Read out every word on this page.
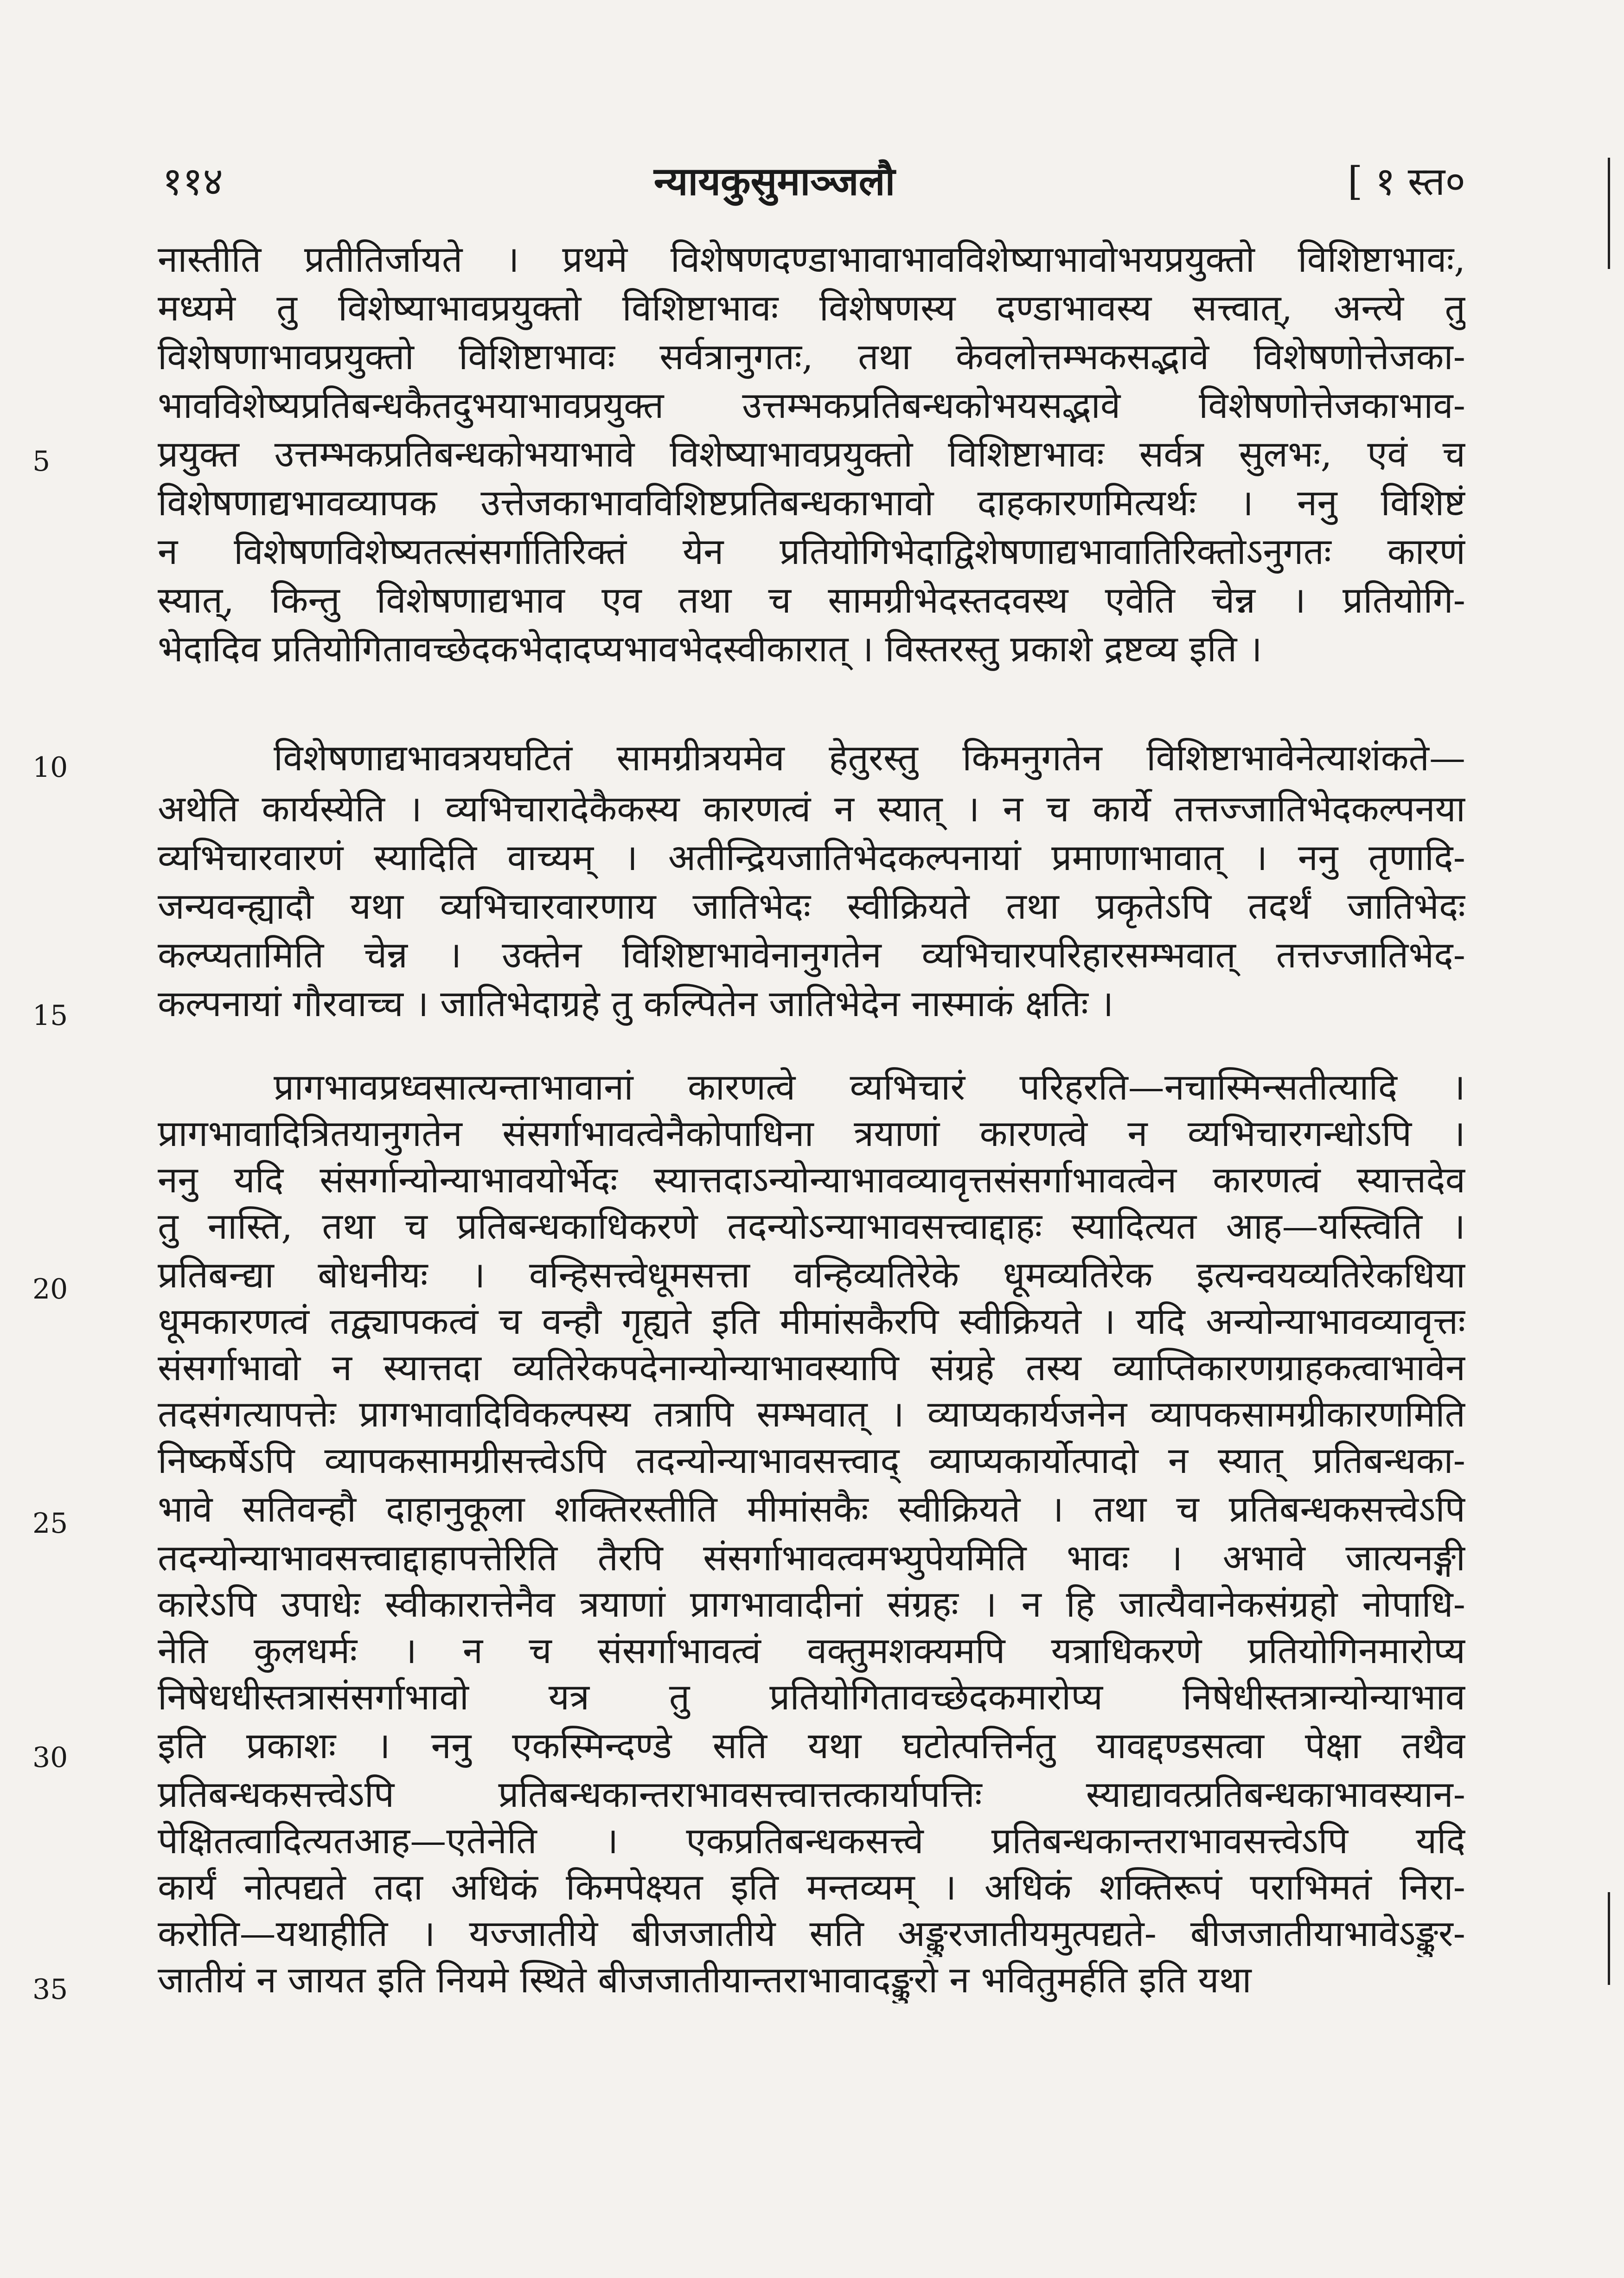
११४	न्यायकुसुमाञ्जलौ	[ १ स्त०
नास्तीति प्रतीतिर्जायते । प्रथमे विशेषणदण्डाभावाभावविशेष्याभावोभयप्रयुक्तो विशिष्टाभावः,
मध्यमे तु विशेष्याभावप्रयुक्तो विशिष्टाभावः विशेषणस्य दण्डाभावस्य सत्त्वात्, अन्त्ये तु
विशेषणाभावप्रयुक्तो विशिष्टाभावः सर्वत्रानुगतः, तथा केवलोत्तम्भकसद्भावे विशेषणोत्तेजका-
भावविशेष्यप्रतिबन्धकैतदुभयाभावप्रयुक्त उत्तम्भकप्रतिबन्धकोभयसद्भावे विशेषणोत्तेजकाभाव-
प्रयुक्त उत्तम्भकप्रतिबन्धकोभयाभावे विशेष्याभावप्रयुक्तो विशिष्टाभावः सर्वत्र सुलभः, एवं च
विशेषणाद्यभावव्यापक उत्तेजकाभावविशिष्टप्रतिबन्धकाभावो दाहकारणमित्यर्थः । ननु विशिष्टं
न विशेषणविशेष्यतत्संसर्गातिरिक्तं येन प्रतियोगिभेदाद्विशेषणाद्यभावातिरिक्तोऽनुगतः कारणं
स्यात्, किन्तु विशेषणाद्यभाव एव तथा च सामग्रीभेदस्तदवस्थ एवेति चेन्न । प्रतियोगि-
भेदादिव प्रतियोगितावच्छेदकभेदादप्यभावभेदस्वीकारात् । विस्तरस्तु प्रकाशे द्रष्टव्य इति ।
विशेषणाद्यभावत्रयघटितं सामग्रीत्रयमेव हेतुरस्तु किमनुगतेन विशिष्टाभावेनेत्याशंकते—
अथेति कार्यस्येति । व्यभिचारादेकैकस्य कारणत्वं न स्यात् । न च कार्ये तत्तज्जातिभेदकल्पनया
व्यभिचारवारणं स्यादिति वाच्यम् । अतीन्द्रियजातिभेदकल्पनायां प्रमाणाभावात् । ननु तृणादि-
जन्यवन्ह्यादौ यथा व्यभिचारवारणाय जातिभेदः स्वीक्रियते तथा प्रकृतेऽपि तदर्थं जातिभेदः
कल्प्यतामिति चेन्न । उक्तेन विशिष्टाभावेनानुगतेन व्यभिचारपरिहारसम्भवात् तत्तज्जातिभेद-
कल्पनायां गौरवाच्च । जातिभेदाग्रहे तु कल्पितेन जातिभेदेन नास्माकं क्षतिः ।
प्रागभावप्रध्वसात्यन्ताभावानां कारणत्वे व्यभिचारं परिहरति—नचास्मिन्सतीत्यादि ।
प्रागभावादित्रितयानुगतेन संसर्गाभावत्वेनैकोपाधिना त्रयाणां कारणत्वे न व्यभिचारगन्धोऽपि ।
ननु यदि संसर्गान्योन्याभावयोर्भेदः स्यात्तदाऽन्योन्याभावव्यावृत्तसंसर्गाभावत्वेन कारणत्वं स्यात्तदेव
तु नास्ति, तथा च प्रतिबन्धकाधिकरणे तदन्योऽन्याभावसत्त्वाद्दाहः स्यादित्यत आह—यस्त्विति ।
प्रतिबन्द्या बोधनीयः । वन्हिसत्त्वेधूमसत्ता वन्हिव्यतिरेके धूमव्यतिरेक इत्यन्वयव्यतिरेकधिया
धूमकारणत्वं तद्व्यापकत्वं च वन्हौ गृह्यते इति मीमांसकैरपि स्वीक्रियते । यदि अन्योन्याभावव्यावृत्तः
संसर्गाभावो न स्यात्तदा व्यतिरेकपदेनान्योन्याभावस्यापि संग्रहे तस्य व्याप्तिकारणग्राहकत्वाभावेन
तदसंगत्यापत्तेः प्रागभावादिविकल्पस्य तत्रापि सम्भवात् । व्याप्यकार्यजनेन व्यापकसामग्रीकारणमिति
निष्कर्षेऽपि व्यापकसामग्रीसत्त्वेऽपि तदन्योन्याभावसत्त्वाद् व्याप्यकार्योत्पादो न स्यात् प्रतिबन्धका-
भावे सतिवन्हौ दाहानुकूला शक्तिरस्तीति मीमांसकैः स्वीक्रियते । तथा च प्रतिबन्धकसत्त्वेऽपि
तदन्योन्याभावसत्त्वाद्दाहापत्तेरिति तैरपि संसर्गाभावत्वमभ्युपेयमिति भावः । अभावे जात्यनङ्गी
कारेऽपि उपाधेः स्वीकारात्तेनैव त्रयाणां प्रागभावादीनां संग्रहः । न हि जात्यैवानेकसंग्रहो नोपाधि-
नेति कुलधर्मः । न च संसर्गाभावत्वं वक्तुमशक्यमपि यत्राधिकरणे प्रतियोगिनमारोप्य
निषेधधीस्तत्रासंसर्गाभावो यत्र तु प्रतियोगितावच्छेदकमारोप्य निषेधीस्तत्रान्योन्याभाव
इति प्रकाशः । ननु एकस्मिन्दण्डे सति यथा घटोत्पत्तिर्नतु यावद्दण्डसत्वा पेक्षा तथैव
प्रतिबन्धकसत्त्वेऽपि प्रतिबन्धकान्तराभावसत्त्वात्तत्कार्यापत्तिः स्याद्यावत्प्रतिबन्धकाभावस्यान-
पेक्षितत्वादित्यतआह—एतेनेति । एकप्रतिबन्धकसत्त्वे प्रतिबन्धकान्तराभावसत्त्वेऽपि यदि
कार्यं नोत्पद्यते तदा अधिकं किमपेक्ष्यत इति मन्तव्यम् । अधिकं शक्तिरूपं पराभिमतं निरा-
करोति—यथाहीति । यज्जातीये बीजजातीये सति अङ्कुरजातीयमुत्पद्यते- बीजजातीयाभावेऽङ्कुर-
जातीयं न जायत इति नियमे स्थिते बीजजातीयान्तराभावादङ्कुरो न भवितुमर्हति इति यथा
5
10
15
20
25
30
35
